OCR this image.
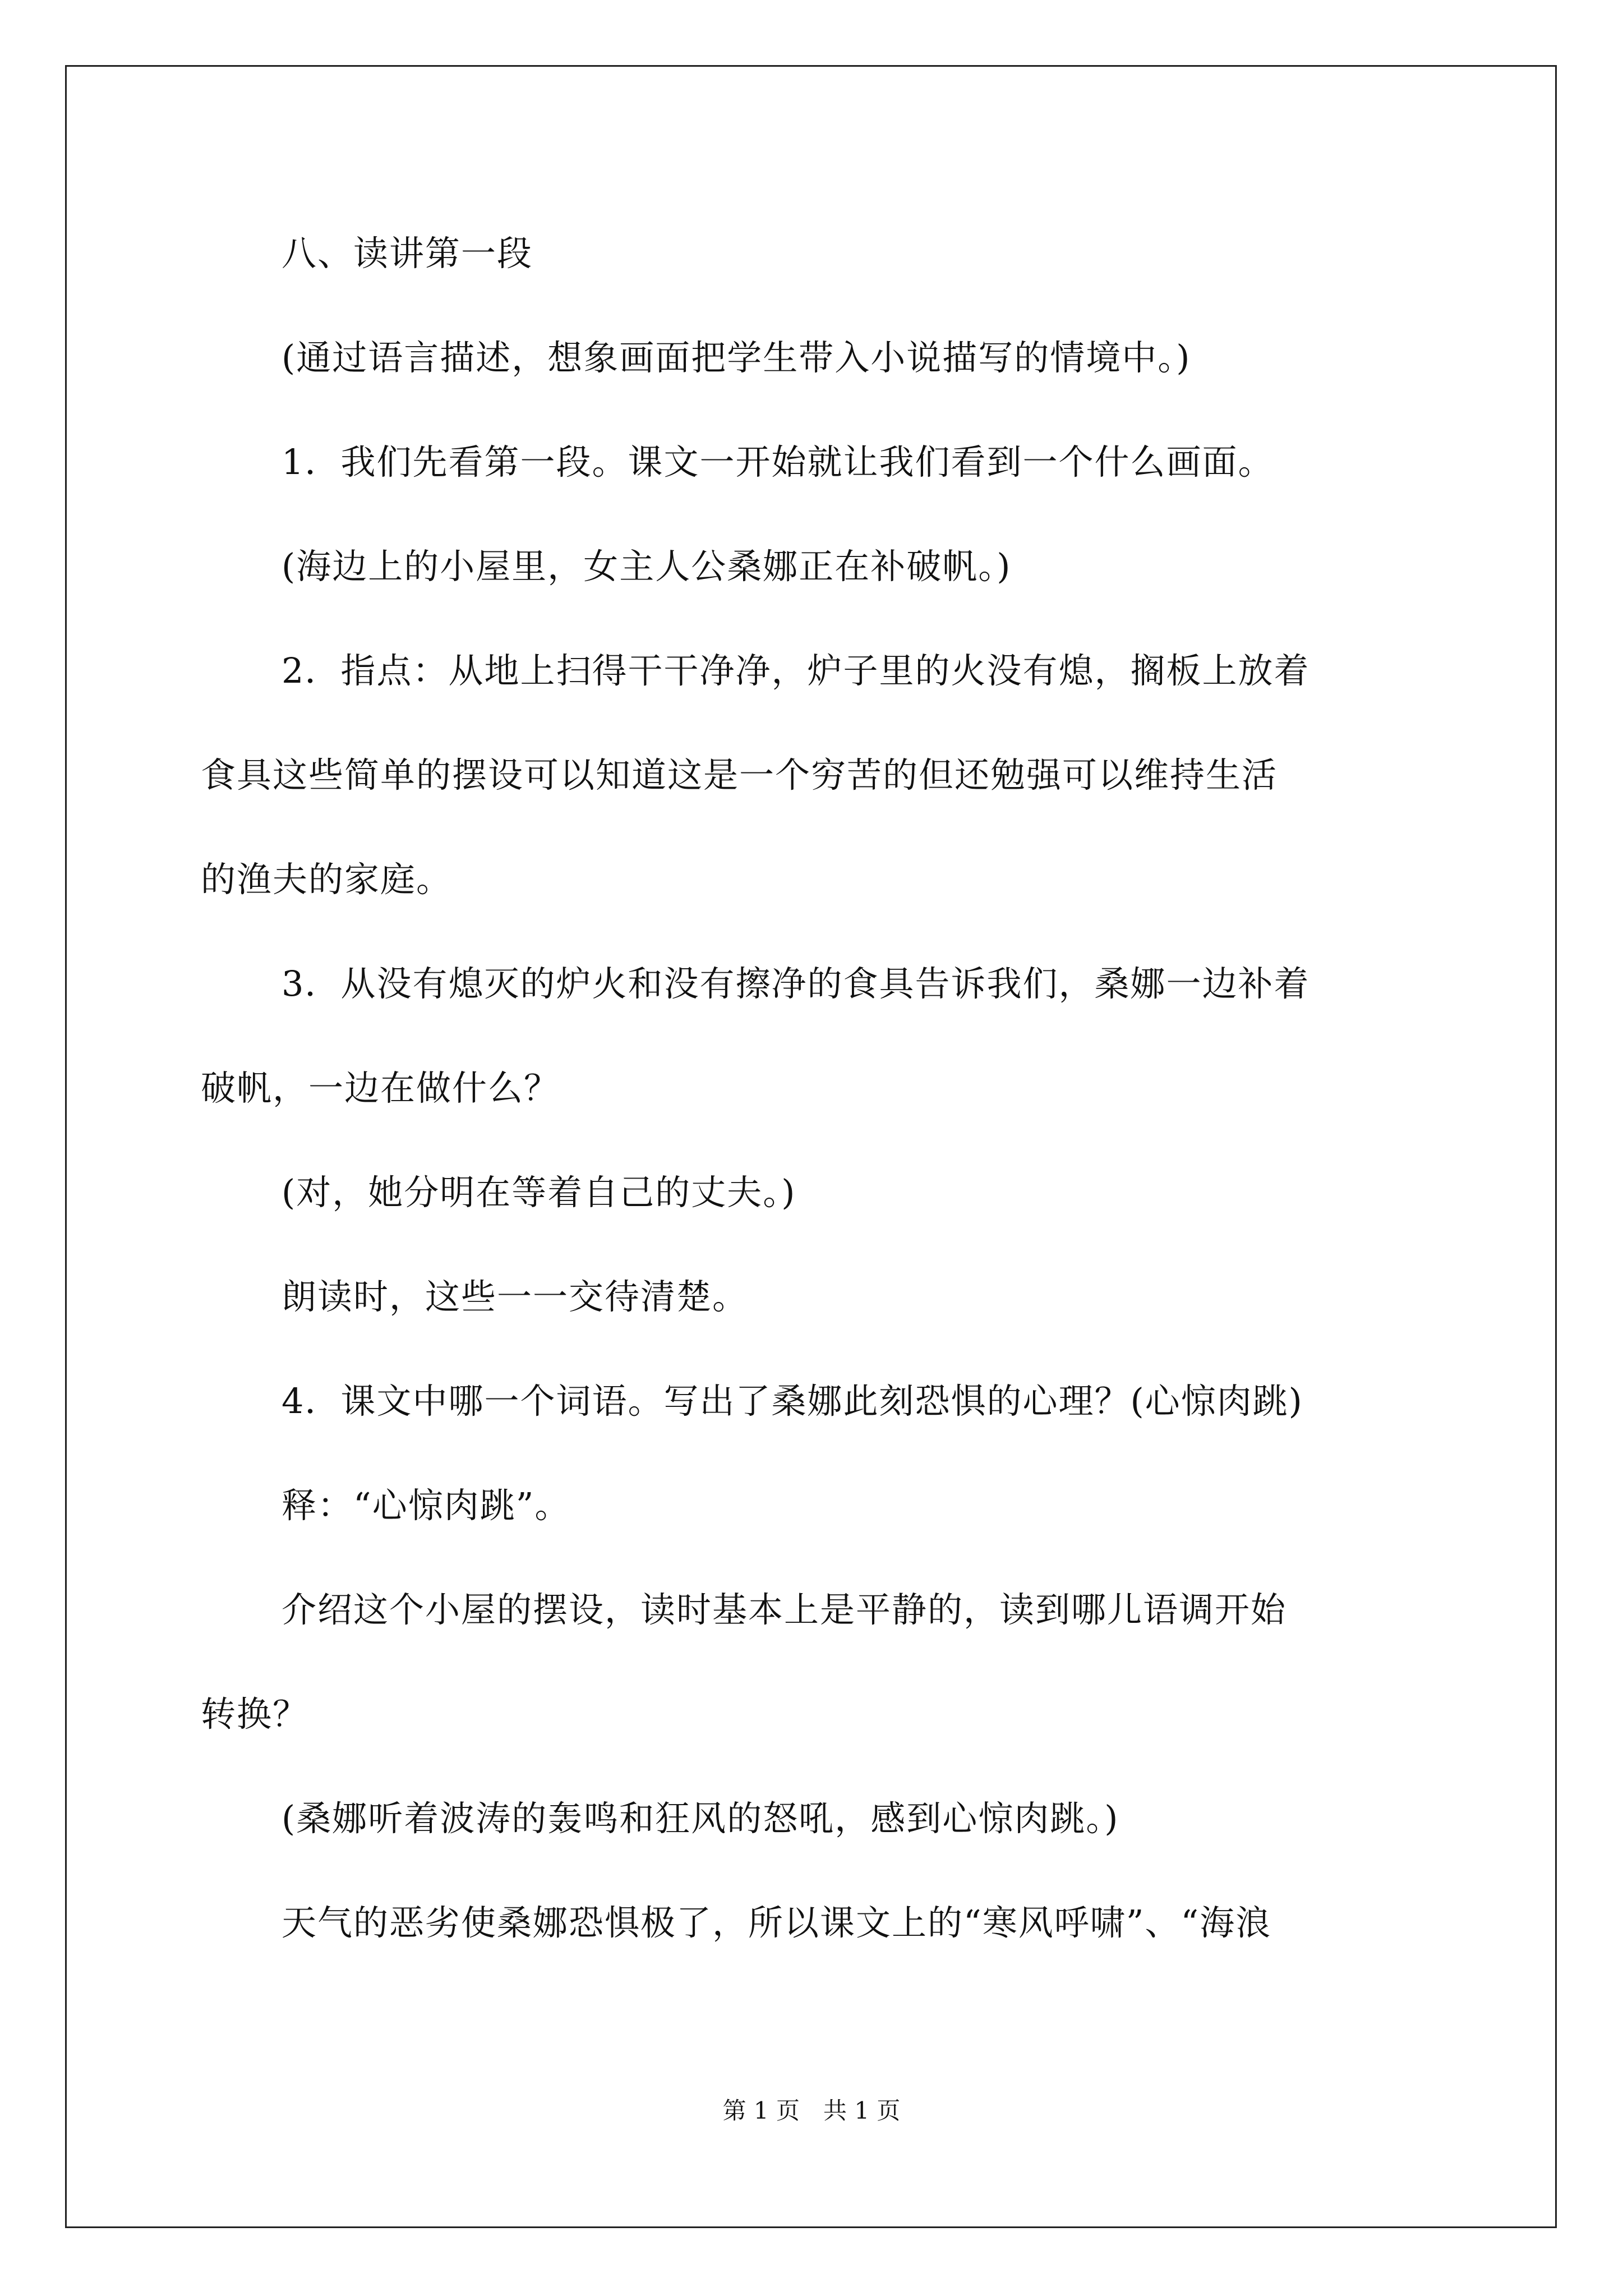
八、读讲第一段
(通过语言描述，想象画面把学生带入小说描写的情境中。)
1．我们先看第一段。课文一开始就让我们看到一个什么画面。
(海边上的小屋里，女主人公桑娜正在补破帆。)
2．指点：从地上扫得干干净净，炉子里的火没有熄，搁板上放着
食具这些简单的摆设可以知道这是一个穷苦的但还勉强可以维持生活
的渔夫的家庭。
3．从没有熄灭的炉火和没有擦净的食具告诉我们，桑娜一边补着
破帆，一边在做什么？
(对，她分明在等着自己的丈夫。)
朗读时，这些一一交待清楚。
4．课文中哪一个词语。写出了桑娜此刻恐惧的心理？(心惊肉跳)
释：“心惊肉跳”。
介绍这个小屋的摆设，读时基本上是平静的，读到哪儿语调开始
转换？
(桑娜听着波涛的轰鸣和狂风的怒吼，感到心惊肉跳。)
天气的恶劣使桑娜恐惧极了，所以课文上的“寒风呼啸”、“海浪
第 1 页　共 1 页
